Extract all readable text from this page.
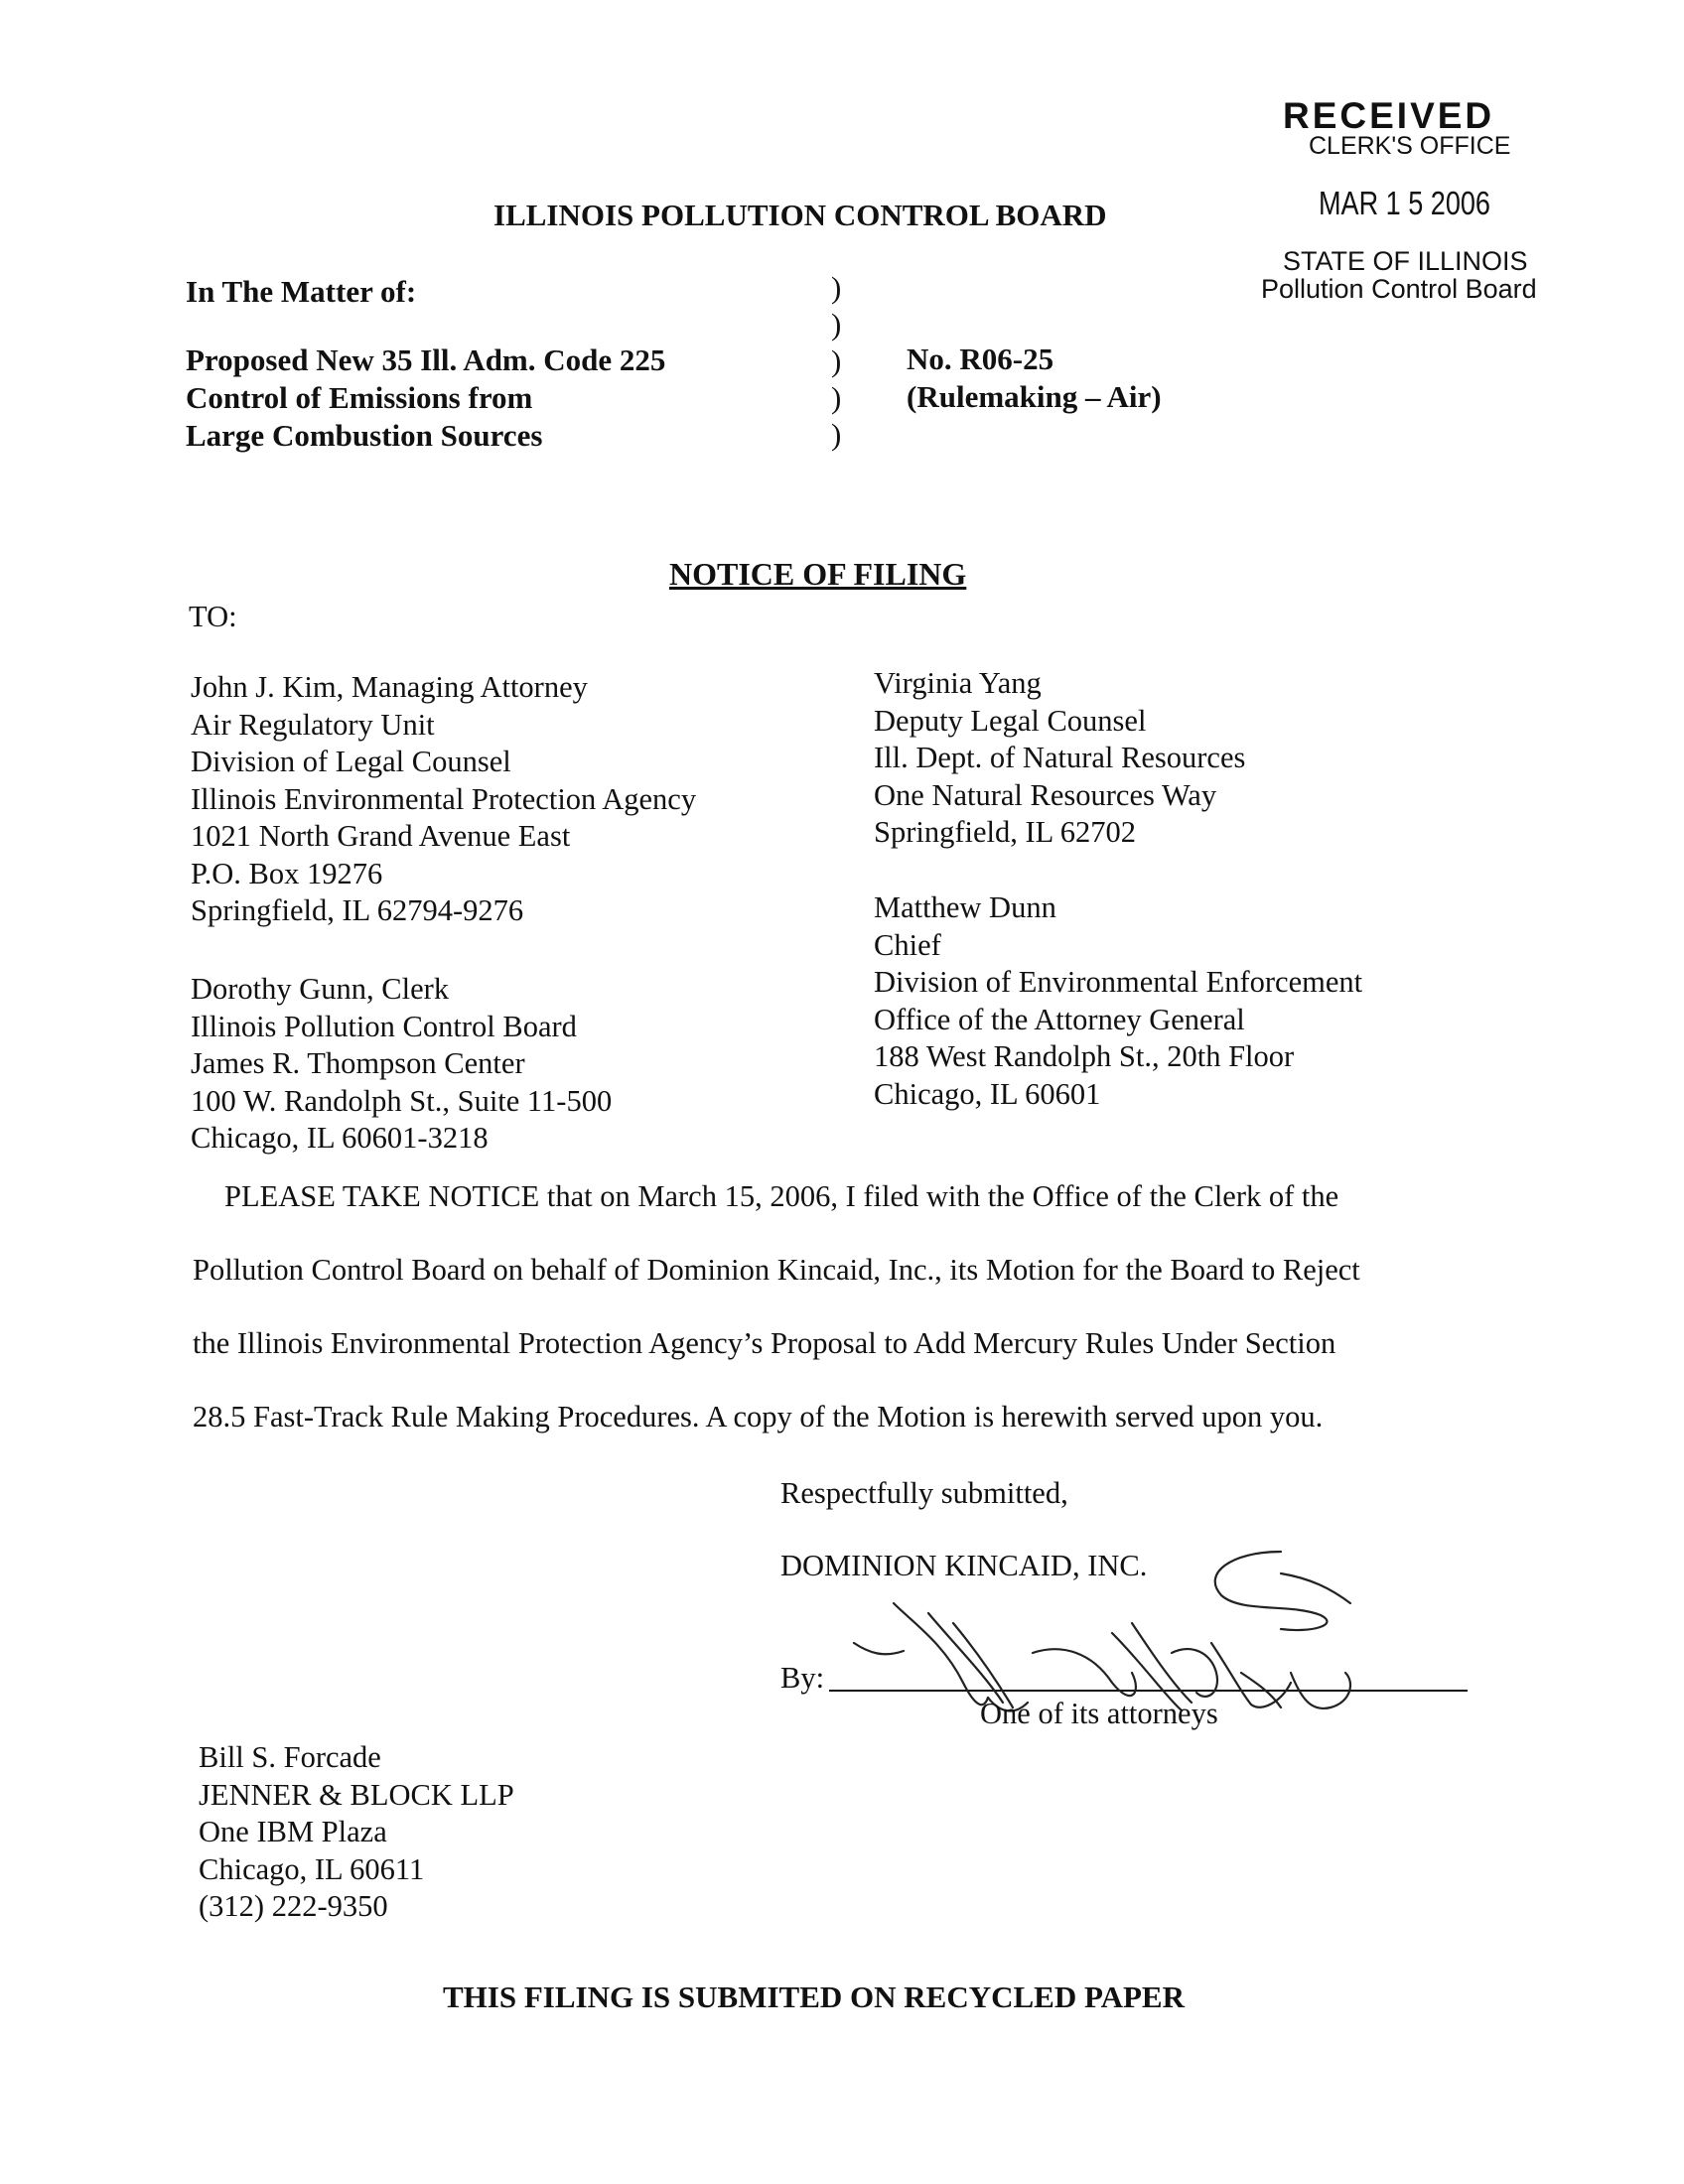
RECEIVED
CLERK'S OFFICE
MAR 1 5 2006
STATE OF ILLINOIS
Pollution Control Board
ILLINOIS POLLUTION CONTROL BOARD
In The Matter of:
Proposed New 35 Ill. Adm. Code 225
Control of Emissions from
Large Combustion Sources
)
)
)
)
)
No. R06-25
(Rulemaking – Air)
NOTICE OF FILING
TO:
John J. Kim, Managing Attorney
Air Regulatory Unit
Division of Legal Counsel
Illinois Environmental Protection Agency
1021 North Grand Avenue East
P.O. Box 19276
Springfield, IL 62794-9276
Dorothy Gunn, Clerk
Illinois Pollution Control Board
James R. Thompson Center
100 W. Randolph St., Suite 11-500
Chicago, IL 60601-3218
Virginia Yang
Deputy Legal Counsel
Ill. Dept. of Natural Resources
One Natural Resources Way
Springfield, IL 62702
Matthew Dunn
Chief
Division of Environmental Enforcement
Office of the Attorney General
188 West Randolph St., 20th Floor
Chicago, IL 60601
PLEASE TAKE NOTICE that on March 15, 2006, I filed with the Office of the Clerk of the
Pollution Control Board on behalf of Dominion Kincaid, Inc., its Motion for the Board to Reject
the Illinois Environmental Protection Agency’s Proposal to Add Mercury Rules Under Section
28.5 Fast-Track Rule Making Procedures. A copy of the Motion is herewith served upon you.
Respectfully submitted,
DOMINION KINCAID, INC.
By:
One of its attorneys
Bill S. Forcade
JENNER & BLOCK LLP
One IBM Plaza
Chicago, IL 60611
(312) 222-9350
THIS FILING IS SUBMITED ON RECYCLED PAPER
